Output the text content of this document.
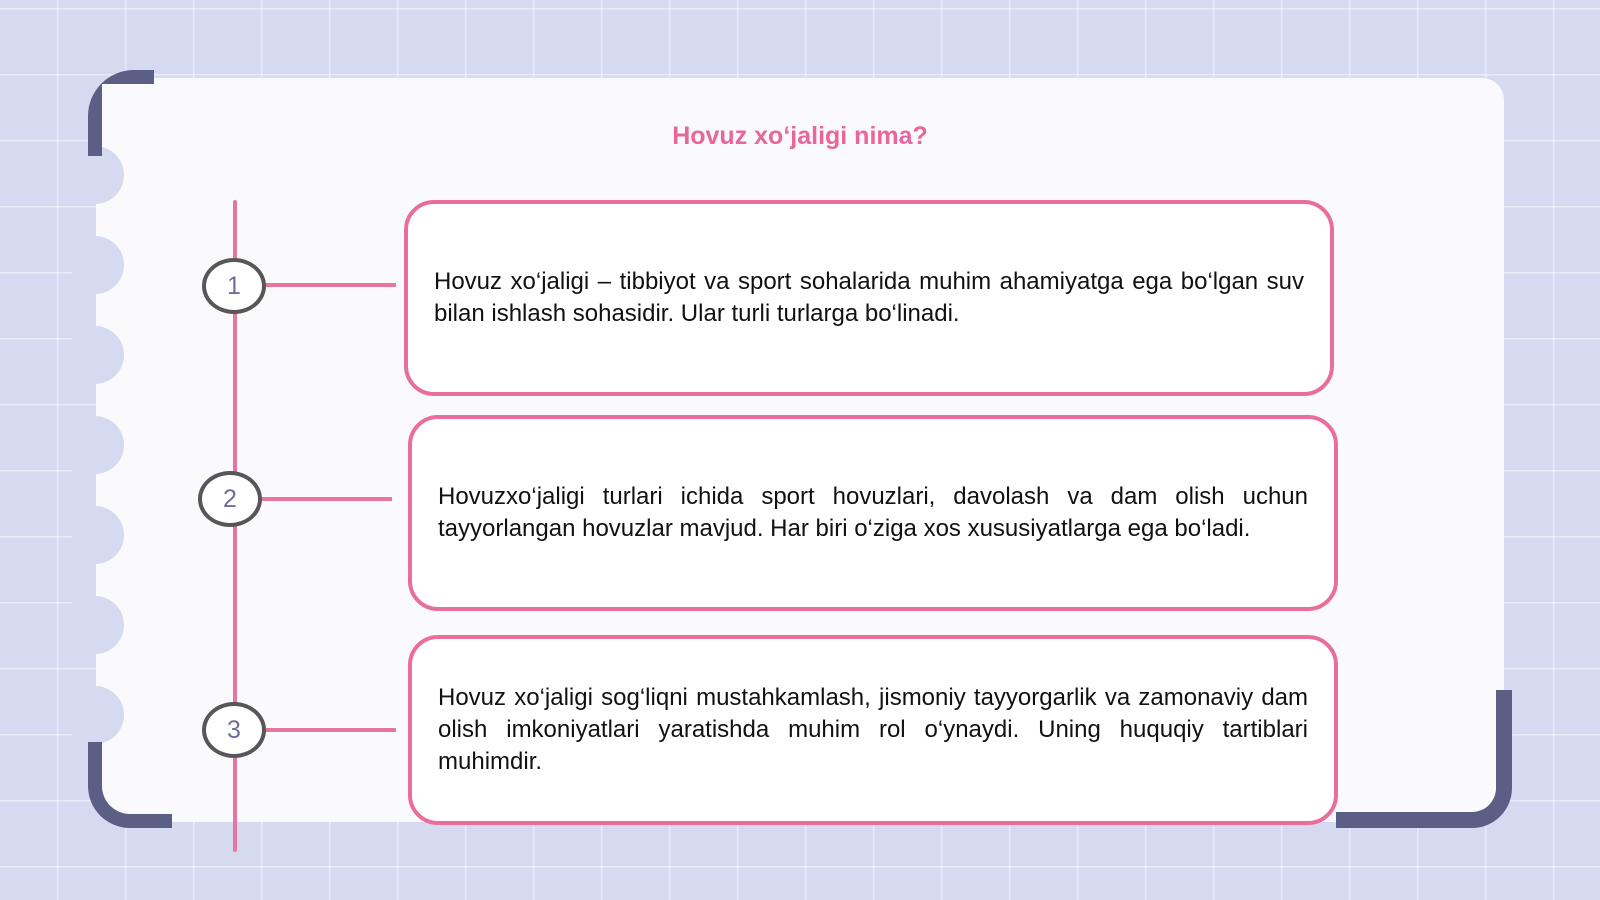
Hovuz xo‘jaligi nima?
1
2
3

Hovuz xo‘jaligi – tibbiyot va sport sohalarida muhim ahamiyatga ega bo‘lgan suv bilan ishlash sohasidir. Ular turli turlarga bo‘linadi.

Hovuzxo‘jaligi turlari ichida sport hovuzlari, davolash va dam olish uchun tayyorlangan hovuzlar mavjud. Har biri o‘ziga xos xususiyatlarga ega bo‘ladi.

Hovuz xo‘jaligi sog‘liqni mustahkamlash, jismoniy tayyorgarlik va zamonaviy dam olish imkoniyatlari yaratishda muhim rol o‘ynaydi. Uning huquqiy tartiblari muhimdir.
